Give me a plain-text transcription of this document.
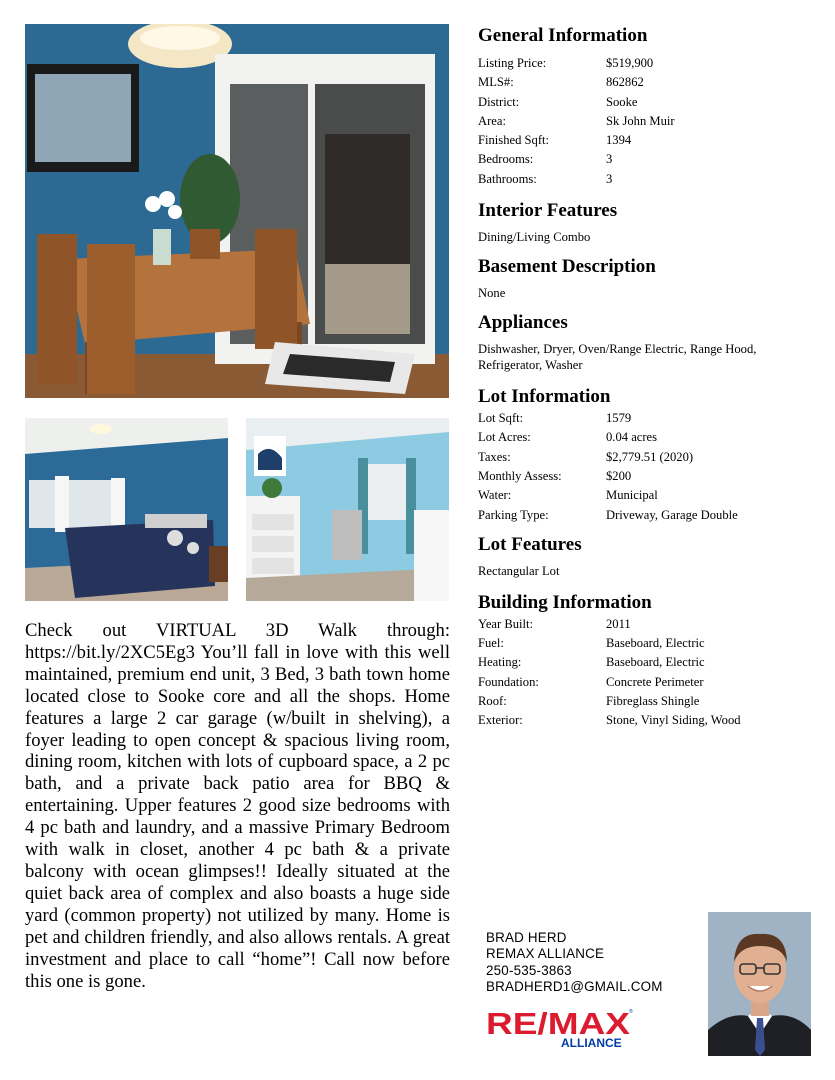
Check out VIRTUAL 3D Walk through: https://bit.ly/2XC5Eg3 You’ll fall in love with this well maintained, premium end unit, 3 Bed, 3 bath town home located close to Sooke core and all the shops. Home features a large 2 car garage (w/built in shelving), a foyer leading to open concept & spacious living room, dining room, kitchen with lots of cupboard space, a 2 pc bath, and a private back patio area for BBQ & entertaining. Upper features 2 good size bedrooms with 4 pc bath and laundry, and a massive Primary Bedroom with walk in closet, another 4 pc bath & a private balcony with ocean glimpses!! Ideally situated at the quiet back area of complex and also boasts a huge side yard (common property) not utilized by many. Home is pet and children friendly, and also allows rentals. A great investment and place to call “home”! Call now before this one is gone.

General Information
Listing Price:	$519,900
MLS#:	862862
District:	Sooke
Area:	Sk John Muir
Finished Sqft:	1394
Bedrooms:	3
Bathrooms:	3
Interior Features

Dining/Living Combo

Basement Description

None

Appliances

Dishwasher, Dryer, Oven/Range Electric, Range Hood, Refrigerator, Washer

Lot Information
Lot Sqft:	1579
Lot Acres:	0.04 acres
Taxes:	$2,779.51 (2020)
Monthly Assess:	$200
Water:	Municipal
Parking Type:	Driveway, Garage Double
Lot Features

Rectangular Lot

Building Information
Year Built:	2011
Fuel:	Baseboard, Electric
Heating:	Baseboard, Electric
Foundation:	Concrete Perimeter
Roof:	Fibreglass Shingle
Exterior:	Stone, Vinyl Siding, Wood
BRAD HERD
REMAX ALLIANCE
250-535-3863
BRADHERD1@GMAIL.COM
RE/MAX
®
ALLIANCE
